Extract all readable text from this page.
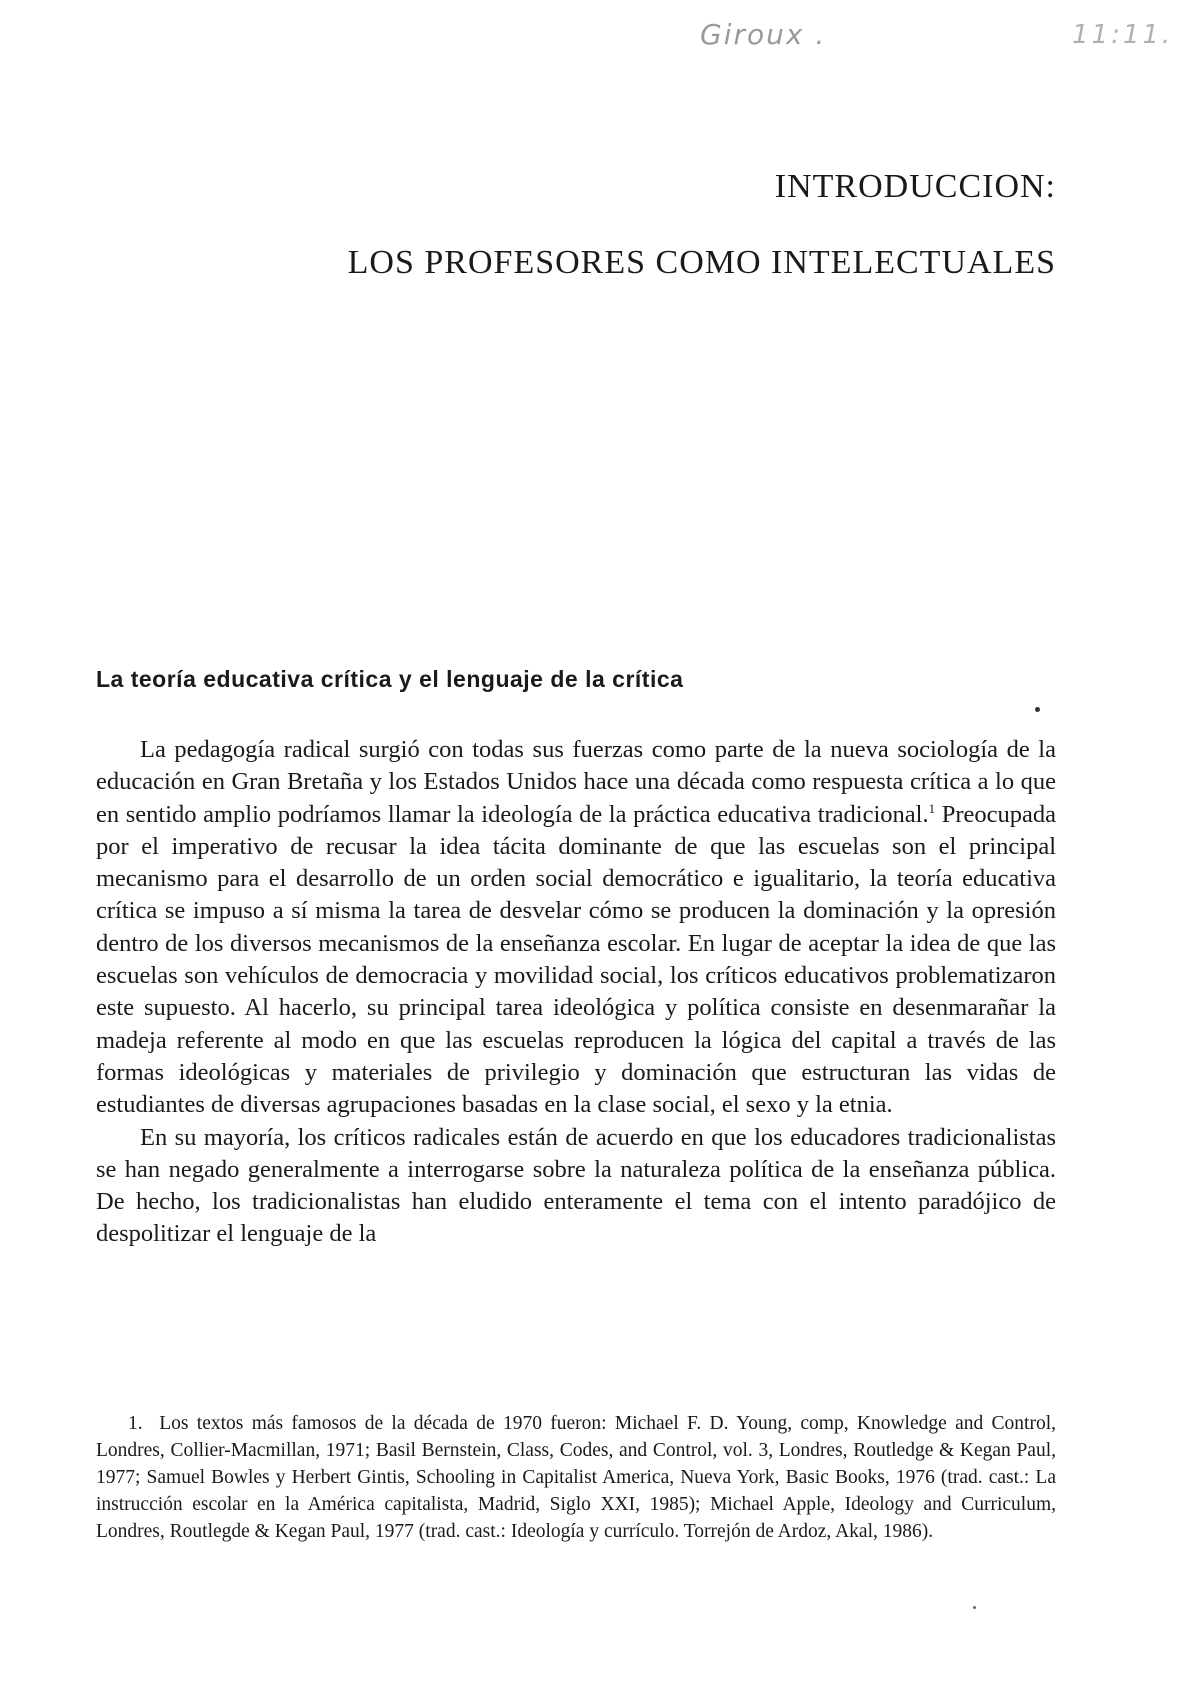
Giroux .	11:11.
INTRODUCCION:
LOS PROFESORES COMO INTELECTUALES
La teoría educativa crítica y el lenguaje de la crítica

La pedagogía radical surgió con todas sus fuerzas como parte de la nueva sociología de la educación en Gran Bretaña y los Estados Unidos hace una década como respuesta crítica a lo que en sentido amplio podríamos llamar la ideología de la práctica educativa tradicional.$^1$ Preocupada por el imperativo de recusar la idea tácita dominante de que las escuelas son el principal mecanismo para el desarrollo de un orden social democrático e igualitario, la teoría educativa crítica se impuso a sí misma la tarea de desvelar cómo se producen la dominación y la opresión dentro de los diversos mecanismos de la enseñanza escolar. En lugar de aceptar la idea de que las escuelas son vehículos de democracia y movilidad social, los críticos educativos problematizaron este supuesto. Al hacerlo, su principal tarea ideológica y política consiste en desenmarañar la madeja referente al modo en que las escuelas reproducen la lógica del capital a través de las formas ideológicas y materiales de privilegio y dominación que estructuran las vidas de estudiantes de diversas agrupaciones basadas en la clase social, el sexo y la etnia.

En su mayoría, los críticos radicales están de acuerdo en que los educadores tradicionalistas se han negado generalmente a interrogarse sobre la naturaleza política de la enseñanza pública. De hecho, los tradicionalistas han eludido enteramente el tema con el intento paradójico de despolitizar el lenguaje de la

1. Los textos más famosos de la década de 1970 fueron: Michael F. D. Young, comp, Knowledge and Control, Londres, Collier-Macmillan, 1971; Basil Bernstein, Class, Codes, and Control, vol. 3, Londres, Routledge & Kegan Paul, 1977; Samuel Bowles y Herbert Gintis, Schooling in Capitalist America, Nueva York, Basic Books, 1976 (trad. cast.: La instrucción escolar en la América capitalista, Madrid, Siglo XXI, 1985); Michael Apple, Ideology and Curriculum, Londres, Routlegde & Kegan Paul, 1977 (trad. cast.: Ideología y currículo. Torrejón de Ardoz, Akal, 1986).
